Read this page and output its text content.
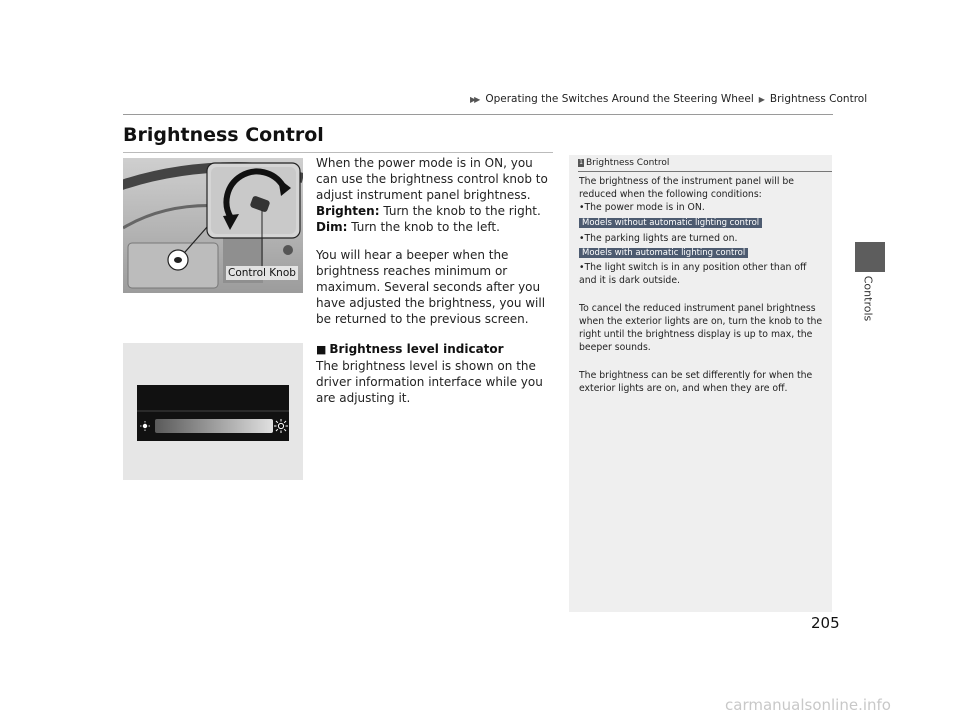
▶▶ Operating the Switches Around the Steering Wheel ▶ Brightness Control
Controls
Brightness Control
Control Knob

When the power mode is in ON, you can use the brightness control knob to adjust instrument panel brightness.
Brighten: Turn the knob to the right.
Dim: Turn the knob to the left.

You will hear a beeper when the brightness reaches minimum or maximum. Several seconds after you have adjusted the brightness, you will be returned to the previous screen.

■ Brightness level indicator

The brightness level is shown on the driver information interface while you are adjusting it.

1 Brightness Control

The brightness of the instrument panel will be reduced when the following conditions:

•The power mode is in ON.

Models without automatic lighting control

•The parking lights are turned on.

Models with automatic lighting control

•The light switch is in any position other than off and it is dark outside.

To cancel the reduced instrument panel brightness when the exterior lights are on, turn the knob to the right until the brightness display is up to max, the beeper sounds.

The brightness can be set differently for when the exterior lights are on, and when they are off.

205
carmanualsonline.info
